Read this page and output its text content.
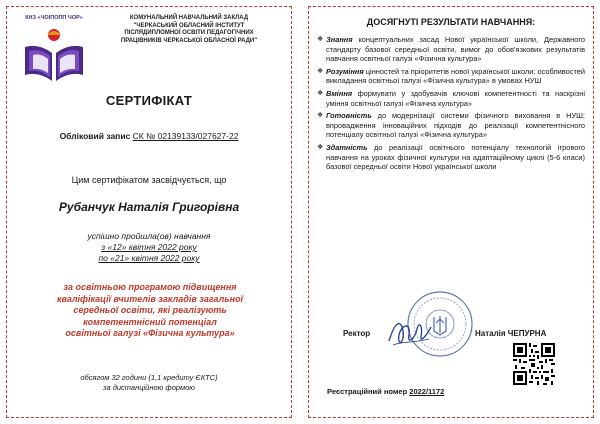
КНЗ «ЧОІПОПП ЧОР»	КОМУНАЛЬНИЙ НАВЧАЛЬНИЙ ЗАКЛАД
"ЧЕРКАСЬКИЙ ОБЛАСНИЙ ІНСТИТУТ
ПІСЛЯДИПЛОМНОЇ ОСВІТИ ПЕДАГОГІЧНИХ
ПРАЦІВНИКІВ ЧЕРКАСЬКОЇ ОБЛАСНОЇ РАДИ"
СЕРТИФІКАТ
Обліковий запис СК № 02139133/027627-22
Цим сертифікатом засвідчується, що
Рубанчук Наталія Григорівна
успішно пройшла(ов) навчання
з «12» квітня 2022 року
по «21» квітня 2022 року
за освітньою програмою підвищення
кваліфікації вчителів закладів загальної
середньої освіти, які реалізують
компетентнісний потенціал
освітньої галузі «Фізична культура»
обсягом 32 години (1,1 кредиту ЄКТС)
за дистанційною формою
ДОСЯГНУТІ РЕЗУЛЬТАТИ НАВЧАННЯ:
❖ Знання концептуальних засад Нової української школи, Державного стандарту базової середньої освіти, вимог до обов'язкових результатів навчання освітньої галузі «Фізична культура»
❖ Розуміння цінностей та пріоритетів нової української школи; особливостей викладання освітньої галузі «Фізична культура» в умовах НУШ
❖ Вміння формувати у здобувачів ключові компетентності та наскрізні уміння освітньої галузі «Фізична культура»
❖ Готовність до модернізації системи фізичного виховання в НУШ; впровадження інноваційних підходів до реалізації компетентнісного потенціалу освітньої галузі «Фізична культура»
❖ Здатність до реалізації освітнього потенціалу технологій ігрового навчання на уроках фізичної культури на адаптаційному циклі (5-6 класи) базової середньої освіти Нової української школи
Ректор	Наталія ЧЕПУРНА
Реєстраційний номер 2022/1172
